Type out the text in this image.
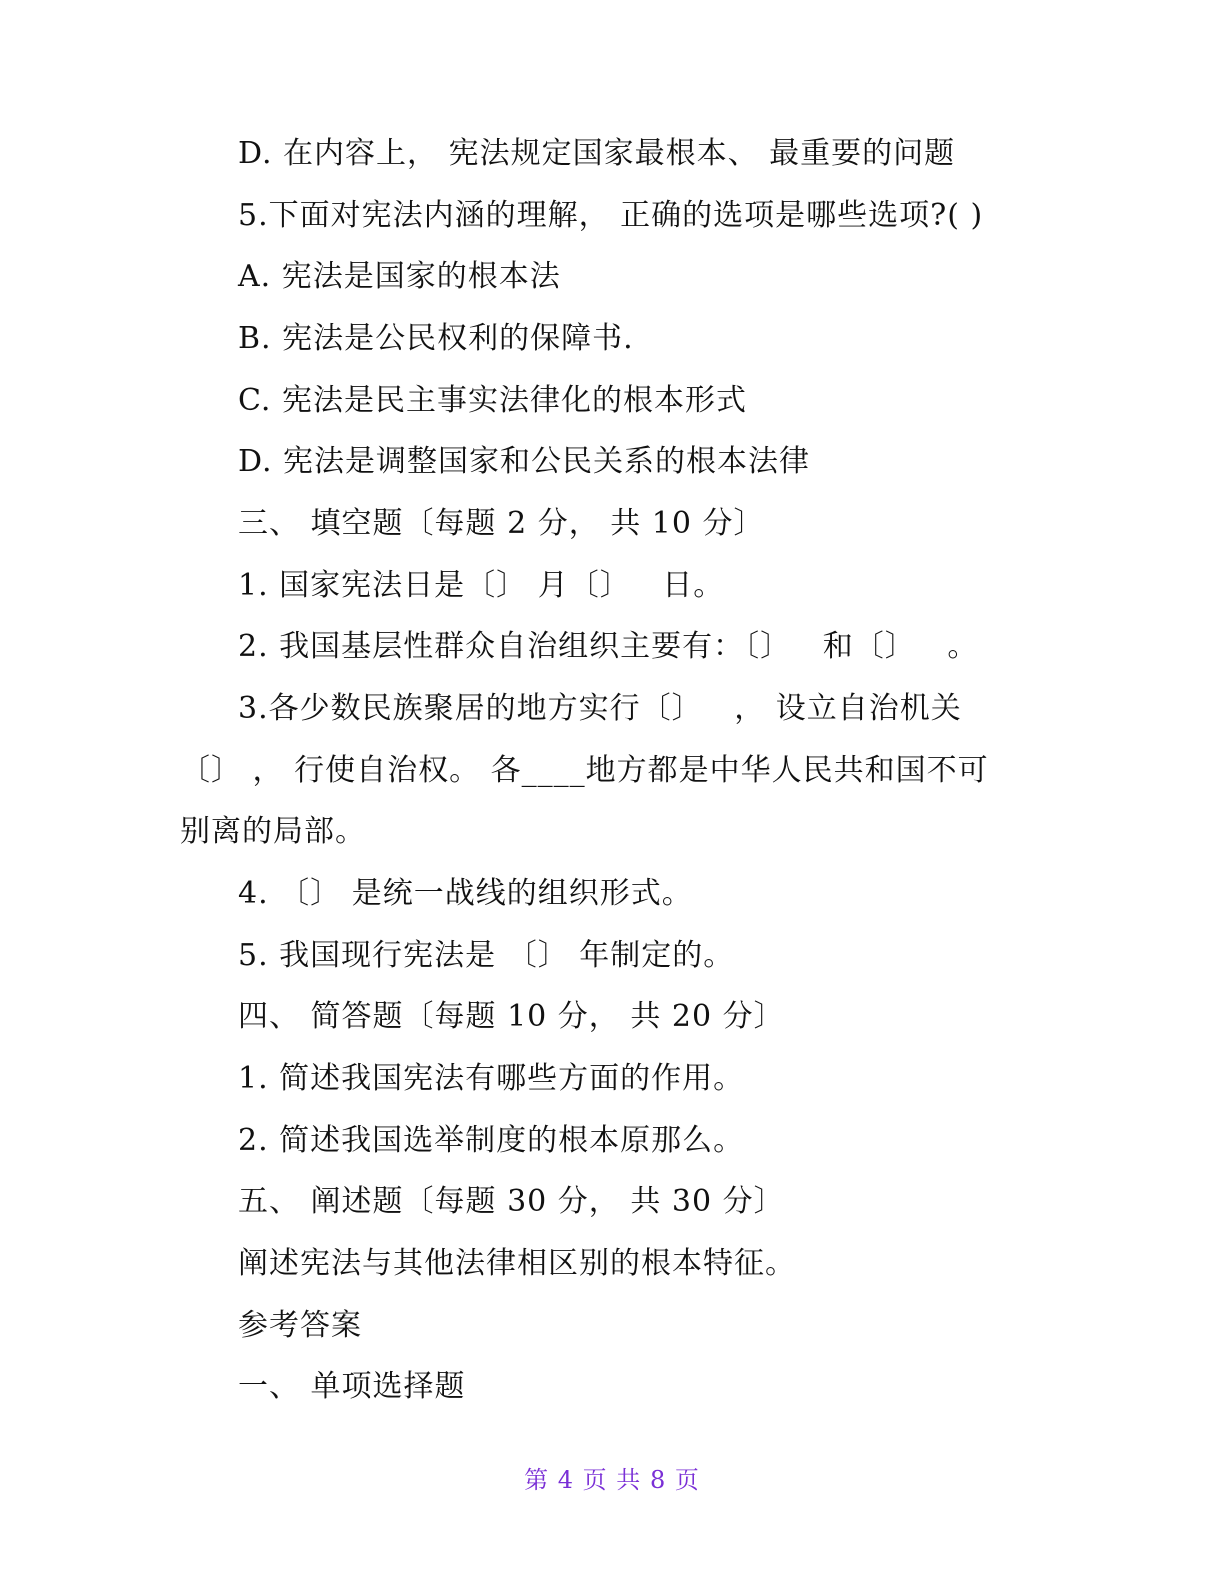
D. 在内容上， 宪法规定国家最根本、 最重要的问题
5.下面对宪法内涵的理解， 正确的选项是哪些选项?( )
A. 宪法是国家的根本法
B. 宪法是公民权利的保障书.
C. 宪法是民主事实法律化的根本形式
D. 宪法是调整国家和公民关系的根本法律
三、 填空题〔每题 2 分， 共 10 分〕
1. 国家宪法日是〔〕 月〔〕   日。
2. 我国基层性群众自治组织主要有：〔〕   和〔〕   。
3.各少数民族聚居的地方实行〔〕   ， 设立自治机关
〔〕 ， 行使自治权。 各____地方都是中华人民共和国不可
别离的局部。
4. 〔〕 是统一战线的组织形式。
5. 我国现行宪法是 〔〕 年制定的。
四、 简答题〔每题 10 分， 共 20 分〕
1. 简述我国宪法有哪些方面的作用。
2. 简述我国选举制度的根本原那么。
五、 阐述题〔每题 30 分， 共 30 分〕
阐述宪法与其他法律相区别的根本特征。
参考答案
一、 单项选择题
第 4 页 共 8 页
